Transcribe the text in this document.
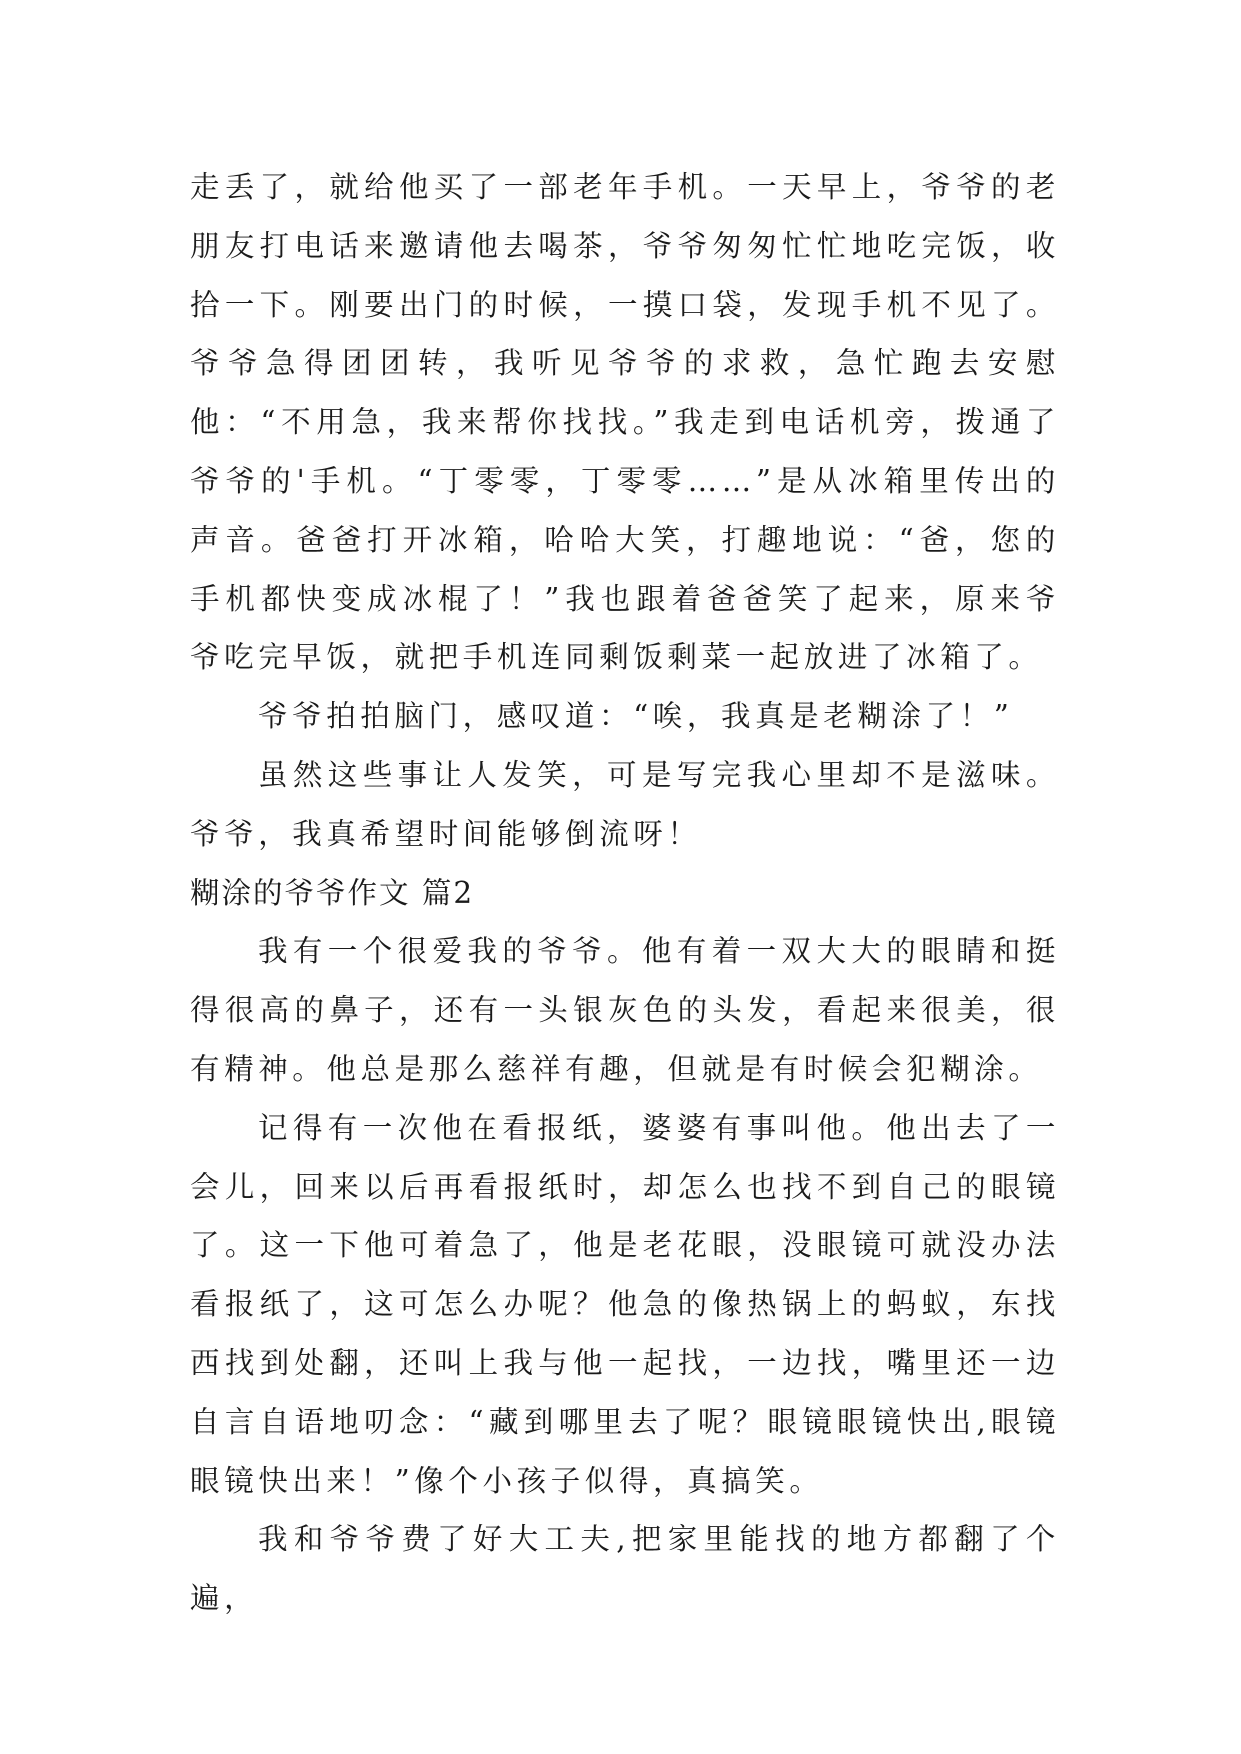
走丢了，就给他买了一部老年手机。一天早上，爷爷的老朋友打电话来邀请他去喝茶，爷爷匆匆忙忙地吃完饭，收拾一下。刚要出门的时候，一摸口袋，发现手机不见了。爷爷急得团团转，我听见爷爷的求救，急忙跑去安慰他：“不用急，我来帮你找找。”我走到电话机旁，拨通了爷爷的'手机。“丁零零，丁零零……”是从冰箱里传出的声音。爸爸打开冰箱，哈哈大笑，打趣地说：“爸，您的手机都快变成冰棍了！”我也跟着爸爸笑了起来，原来爷爷吃完早饭，就把手机连同剩饭剩菜一起放进了冰箱了。

爷爷拍拍脑门，感叹道：“唉，我真是老糊涂了！”

虽然这些事让人发笑，可是写完我心里却不是滋味。爷爷，我真希望时间能够倒流呀！

糊涂的爷爷作文 篇2

我有一个很爱我的爷爷。他有着一双大大的眼睛和挺得很高的鼻子，还有一头银灰色的头发，看起来很美，很有精神。他总是那么慈祥有趣，但就是有时候会犯糊涂。

记得有一次他在看报纸，婆婆有事叫他。他出去了一会儿，回来以后再看报纸时，却怎么也找不到自己的眼镜了。这一下他可着急了，他是老花眼，没眼镜可就没办法看报纸了，这可怎么办呢？他急的像热锅上的蚂蚁，东找西找到处翻，还叫上我与他一起找，一边找，嘴里还一边自言自语地叨念：“藏到哪里去了呢？眼镜眼镜快出,眼镜眼镜快出来！”像个小孩子似得，真搞笑。

我和爷爷费了好大工夫,把家里能找的地方都翻了个遍，
